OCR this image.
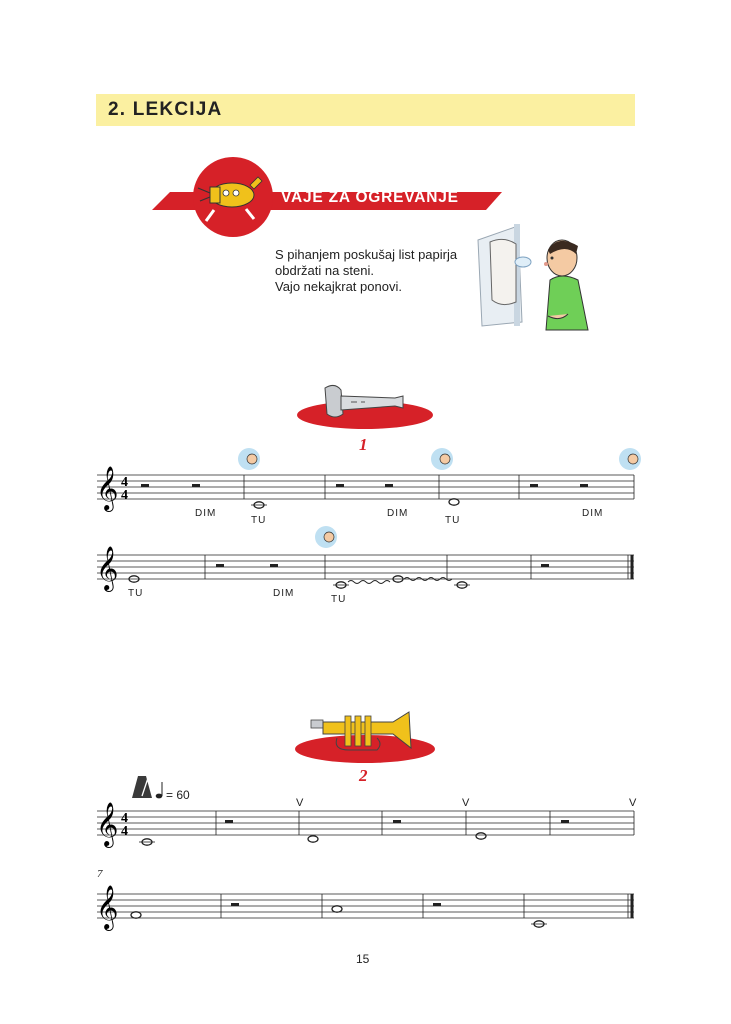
2. LEKCIJA
VAJE ZA OGREVANJE
S pihanjem poskušaj list papirja
obdržati na steni.
Vajo nekajkrat ponovi.
1
𝄞 4
4
𝄞
DIM
TU
DIM
TU
DIM
TU	DIM
TU
2
= 60
𝄞 4
4
𝄞
V	V	V
7
15
